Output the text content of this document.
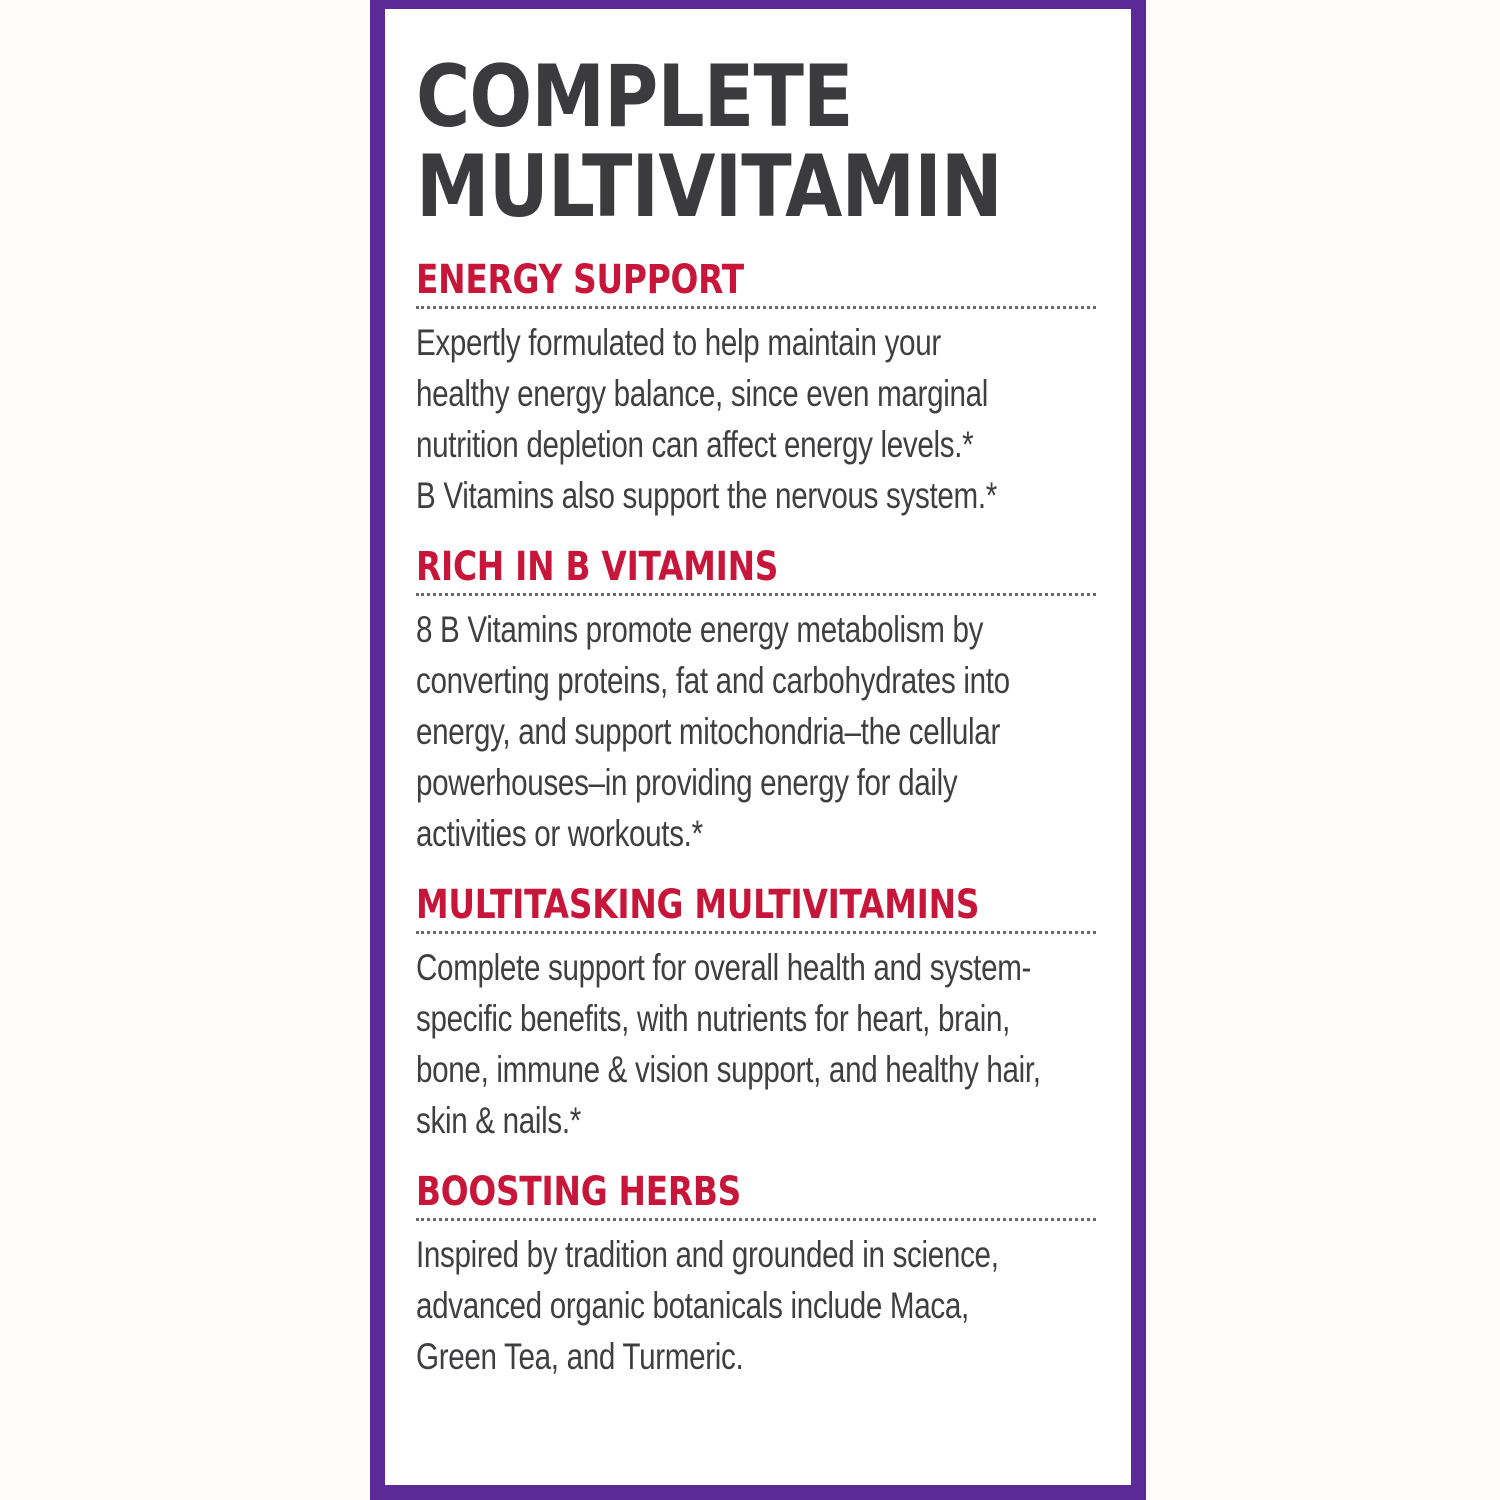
COMPLETE
MULTIVITAMIN
ENERGY SUPPORT

Expertly formulated to help maintain your
healthy energy balance, since even marginal
nutrition depletion can affect energy levels.*
B Vitamins also support the nervous system.*

RICH IN B VITAMINS

8 B Vitamins promote energy metabolism by
converting proteins, fat and carbohydrates into
energy, and support mitochondria–the cellular
powerhouses–in providing energy for daily
activities or workouts.*

MULTITASKING MULTIVITAMINS

Complete support for overall health and system-
specific benefits, with nutrients for heart, brain,
bone, immune & vision support, and healthy hair,
skin & nails.*

BOOSTING HERBS

Inspired by tradition and grounded in science,
advanced organic botanicals include Maca,
Green Tea, and Turmeric.
